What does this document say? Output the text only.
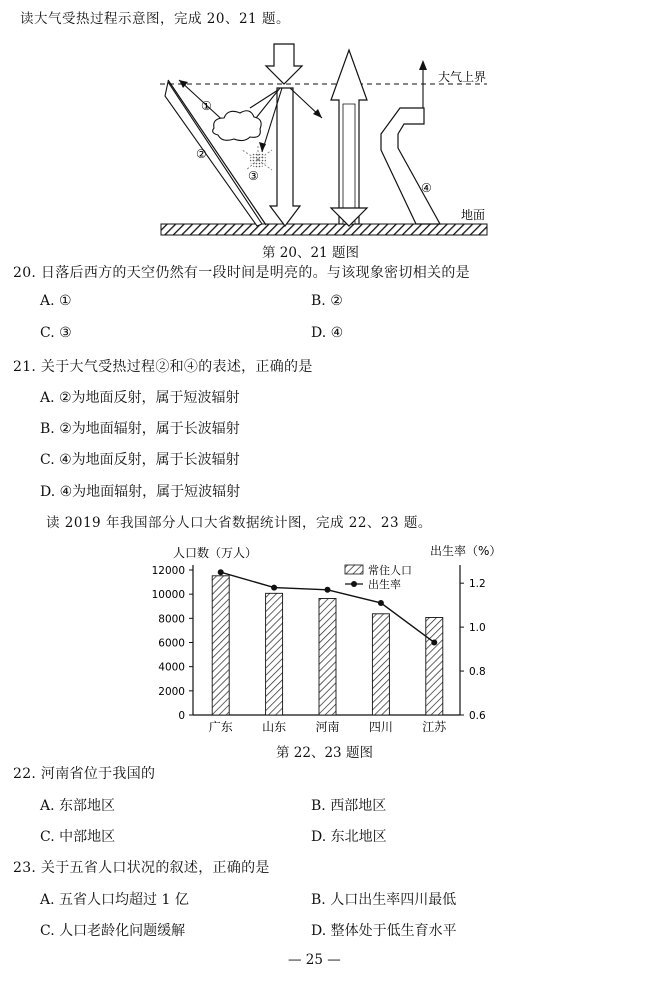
读大气受热过程示意图，完成 20、21 题。
大气上界
地面
①
②
③
④
第 20、21 题图
20. 日落后西方的天空仍然有一段时间是明亮的。与该现象密切相关的是
A. ①	B. ②
C. ③	D. ④
21. 关于大气受热过程②和④的表述，正确的是
A. ②为地面反射，属于短波辐射
B. ②为地面辐射，属于长波辐射
C. ④为地面反射，属于长波辐射
D. ④为地面辐射，属于短波辐射
读 2019 年我国部分人口大省数据统计图，完成 22、23 题。
人口数（万人）	出生率（%）
12000
10000
8000
6000
4000
2000
0
1.2
1.0
0.8
0.6
广东 山东 河南 四川 江苏
常住人口
出生率
第 22、23 题图
22. 河南省位于我国的
A. 东部地区	B. 西部地区
C. 中部地区	D. 东北地区
23. 关于五省人口状况的叙述，正确的是
A. 五省人口均超过 1 亿	B. 人口出生率四川最低
C. 人口老龄化问题缓解	D. 整体处于低生育水平
— 25 —
